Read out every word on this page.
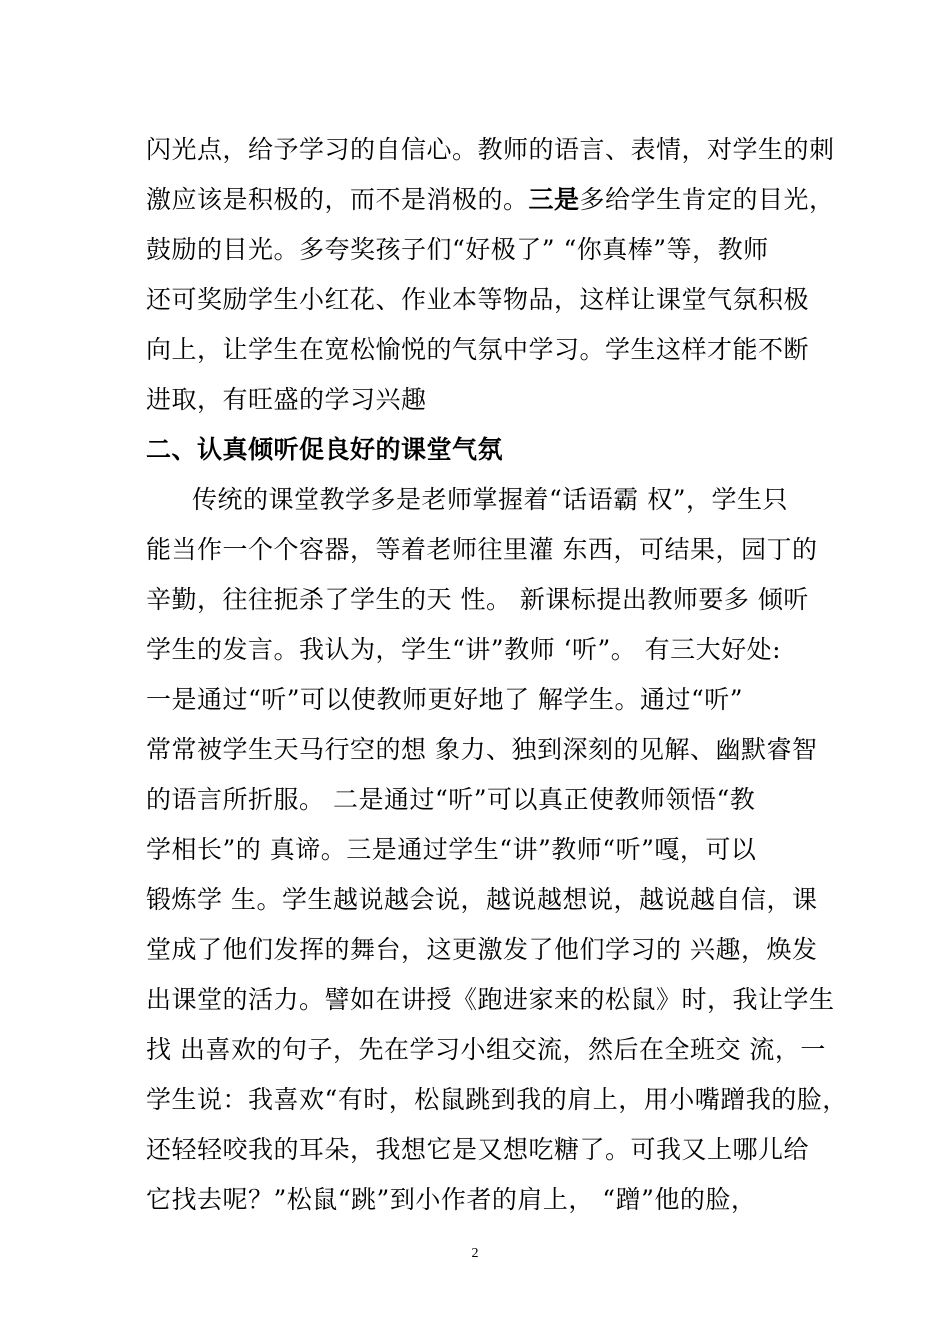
闪光点，给予学习的自信心。教师的语言、表情，对学生的刺
激应该是积极的，而不是消极的。三是多给学生肯定的目光，
鼓励的目光。多夸奖孩子们“好极了” “你真棒”等，教师
还可奖励学生小红花、作业本等物品，这样让课堂气氛积极
向上，让学生在宽松愉悦的气氛中学习。学生这样才能不断
进取，有旺盛的学习兴趣
二、认真倾听促良好的课堂气氛
传统的课堂教学多是老师掌握着“话语霸 权”，学生只
能当作一个个容器，等着老师往里灌 东西，可结果，园丁的
辛勤，往往扼杀了学生的天 性。 新课标提出教师要多 倾听
学生的发言。我认为，学生“讲”教师 ‘听”。 有三大好处:
一是通过“听”可以使教师更好地了 解学生。通过“听”
常常被学生天马行空的想 象力、独到深刻的见解、幽默睿智
的语言所折服。 二是通过“听”可以真正使教师领悟“教
学相长”的 真谛。三是通过学生“讲”教师“听”嘎，可以
锻炼学 生。学生越说越会说，越说越想说，越说越自信，课
堂成了他们发挥的舞台，这更激发了他们学习的 兴趣，焕发
出课堂的活力。譬如在讲授《跑进家来的松鼠》时，我让学生
找 出喜欢的句子，先在学习小组交流，然后在全班交 流，一
学生说：我喜欢“有时，松鼠跳到我的肩上，用小嘴蹭我的脸，
还轻轻咬我的耳朵，我想它是又想吃糖了。可我又上哪儿给
它找去呢？”松鼠“跳”到小作者的肩上， “蹭”他的脸，
2
